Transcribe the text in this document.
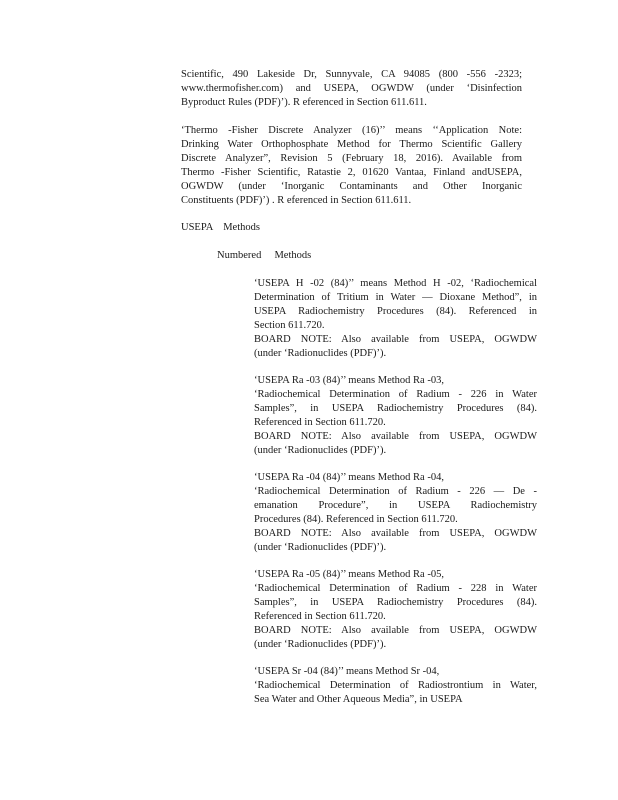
Scientific, 490 Lakeside Dr, Sunnyvale, CA 94085 (800 -556 -2323;
www.thermofisher.com) and USEPA, OGWDW (under ‘Disinfection
Byproduct Rules (PDF)’). R eferenced in Section 611.611.
‘Thermo -Fisher Discrete Analyzer (16)’’ means ‘‘Application Note:
Drinking Water Orthophosphate Method for Thermo Scientific Gallery
Discrete Analyzer”, Revision 5 (February 18, 2016). Available from
Thermo -Fisher Scientific, Ratastie 2, 01620 Vantaa, Finland andUSEPA,
OGWDW (under ‘Inorganic Contaminants and Other Inorganic
Constituents (PDF)’) . R eferenced in Section 611.611.
USEPA    Methods
Numbered     Methods
‘USEPA H -02 (84)’’ means Method H -02, ‘Radiochemical
Determination of Tritium in Water — Dioxane Method”, in
USEPA Radiochemistry Procedures (84). Referenced in
Section 611.720.
BOARD NOTE: Also available from USEPA, OGWDW
(under ‘Radionuclides (PDF)’).
‘USEPA Ra -03 (84)’’ means Method Ra -03,
‘Radiochemical Determination of Radium - 226 in Water
Samples”, in USEPA Radiochemistry Procedures (84).
Referenced in Section 611.720.
BOARD NOTE: Also available from USEPA, OGWDW
(under ‘Radionuclides (PDF)’).
‘USEPA Ra -04 (84)’’ means Method Ra -04,
‘Radiochemical Determination of Radium - 226 — De -
emanation Procedure”, in USEPA Radiochemistry
Procedures (84). Referenced in Section 611.720.
BOARD NOTE: Also available from USEPA, OGWDW
(under ‘Radionuclides (PDF)’).
‘USEPA Ra -05 (84)’’ means Method Ra -05,
‘Radiochemical Determination of Radium - 228 in Water
Samples”, in USEPA Radiochemistry Procedures (84).
Referenced in Section 611.720.
BOARD NOTE: Also available from USEPA, OGWDW
(under ‘Radionuclides (PDF)’).
‘USEPA Sr -04 (84)’’ means Method Sr -04,
‘Radiochemical Determination of Radiostrontium in Water,
Sea Water and Other Aqueous Media”, in USEPA
